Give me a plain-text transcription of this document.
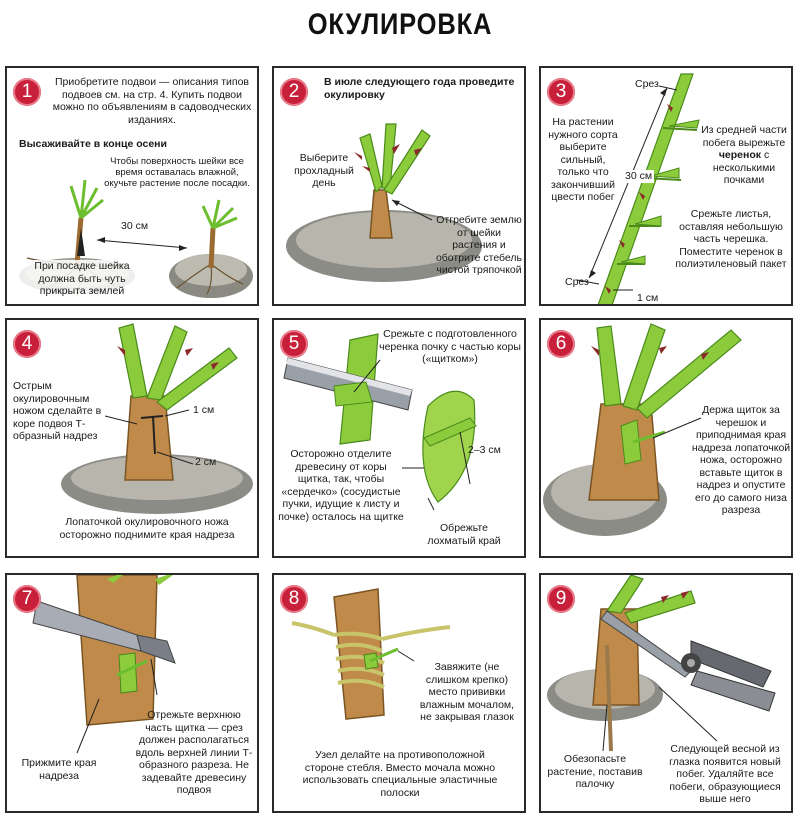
ОКУЛИРОВКА
1	Приобретите подвои — описания типов подвоев см. на стр. 4. Купить подвои можно по объявлениям в садоводческих изданиях.
Высаживайте в конце осени
Чтобы поверхность шейки все время оставалась влажной, окучьте растение после посадки.
30 см
При посадке шейка должна быть чуть прикрыта землей
2	В июле следующего года проведите окулировку
Выберите прохладный день
Отгребите землю от шейки растения и оботрите стебель чистой тряпочкой
3	Срез
На растении нужного сорта выберите сильный, только что закончивший цвести побег
30 см
Из средней части побега вырежьте черенок с несколькими почками
Срежьте листья, оставляя небольшую часть черешка. Поместите черенок в полиэтиленовый пакет
Срез
1 см
4
Острым окулировочным ножом сделайте в коре подвоя Т-образный надрез
1 см
2 см
Лопаточкой окулировочного ножа осторожно поднимите края надреза
5	Срежьте с подготовленного черенка почку с частью коры («щитком»)
Осторожно отделите древесину от коры щитка, так, чтобы «сердечко» (сосудистые пучки, идущие к листу и почке) осталось на щитке
2–3 см
Обрежьте лохматый край
6
Держа щиток за черешок и приподнимая края надреза лопаточкой ножа, осторожно вставьте щиток в надрез и опустите его до самого низа разреза
7
Отрежьте верхнюю часть щитка — срез должен располагаться вдоль верхней линии Т-образного разреза. Не задевайте древесину подвоя
Прижмите края надреза
8
Завяжите (не слишком крепко) место прививки влажным мочалом, не закрывая глазок
Узел делайте на противоположной стороне стебля. Вместо мочала можно использовать специальные эластичные полоски
9
Обезопасьте растение, поставив палочку
Следующей весной из глазка появится новый побег. Удаляйте все побеги, образующиеся выше него
